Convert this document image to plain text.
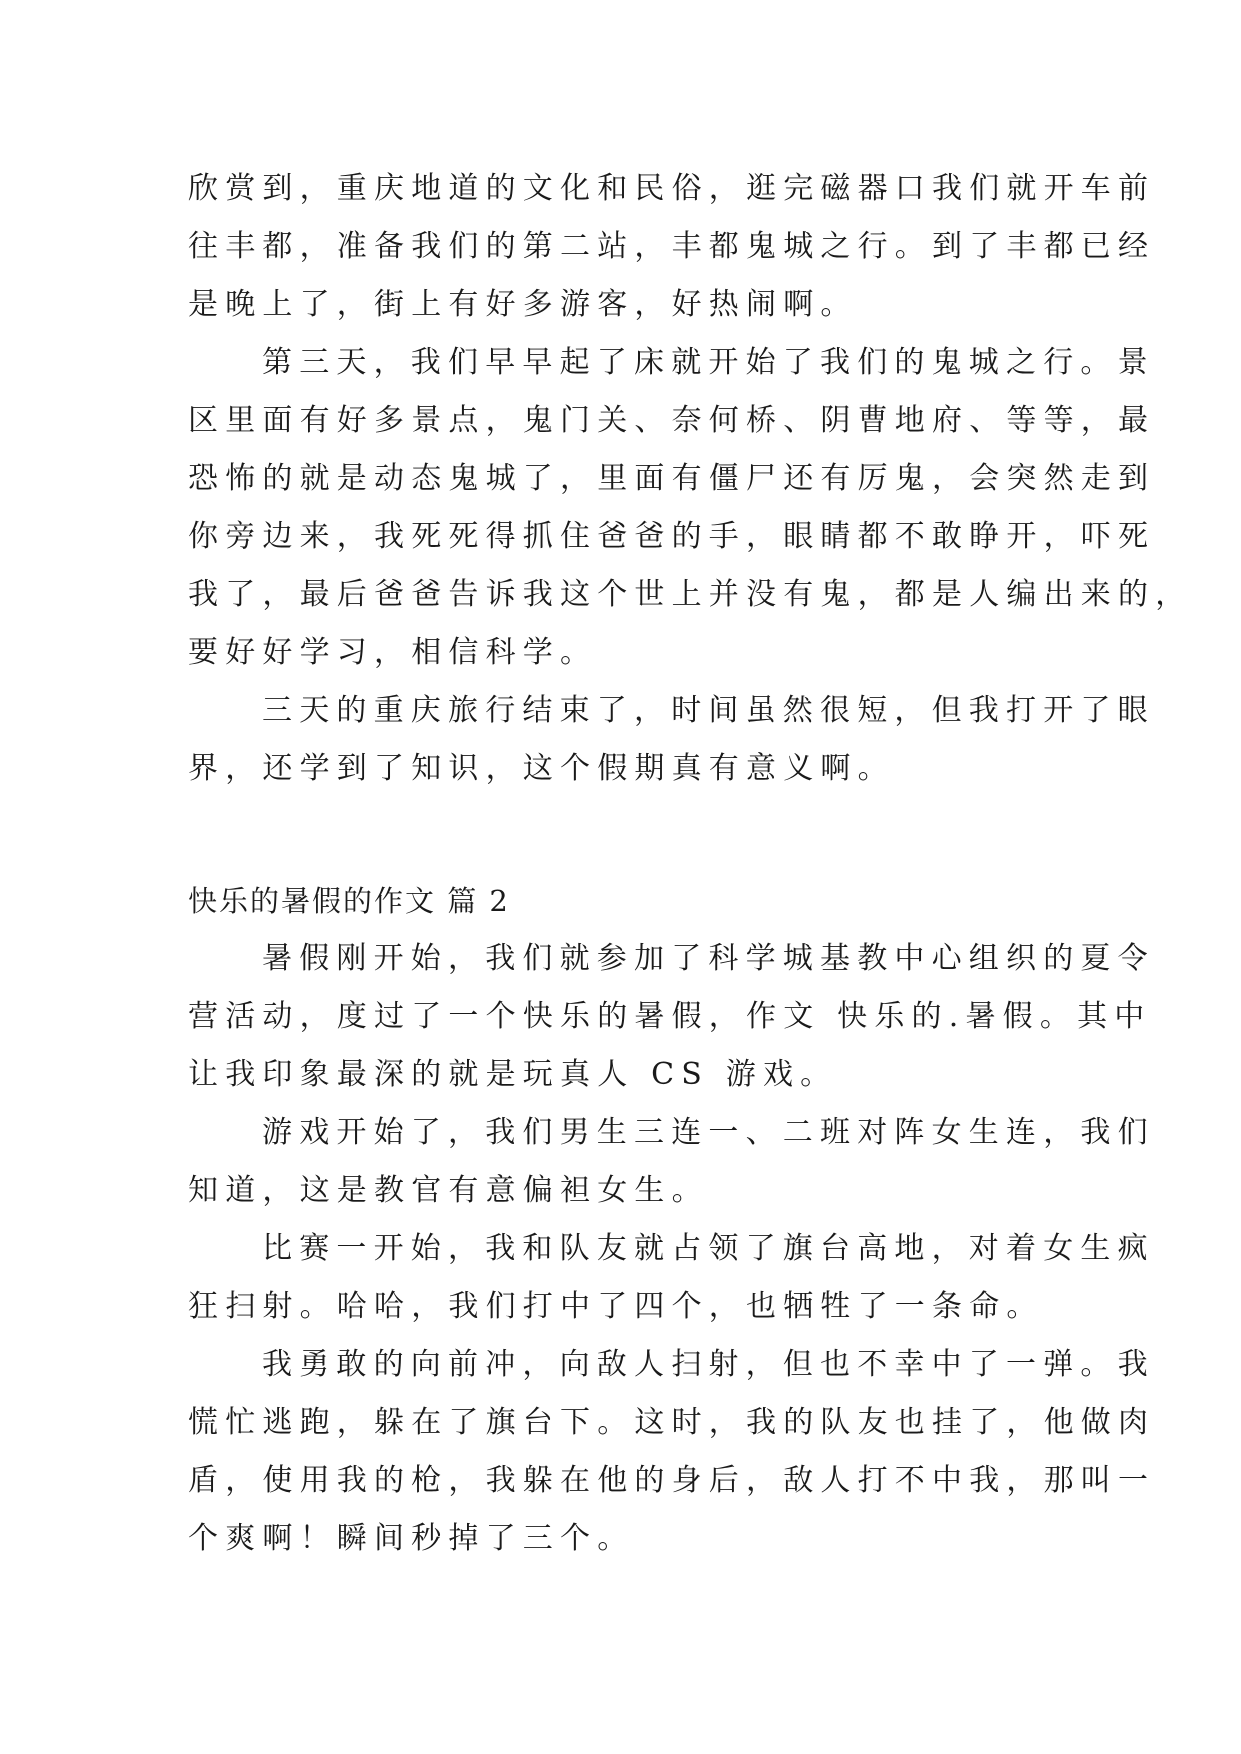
欣赏到，重庆地道的文化和民俗，逛完磁器口我们就开车前
往丰都，准备我们的第二站，丰都鬼城之行。到了丰都已经
是晚上了，街上有好多游客，好热闹啊。
第三天，我们早早起了床就开始了我们的鬼城之行。景
区里面有好多景点，鬼门关、奈何桥、阴曹地府、等等，最
恐怖的就是动态鬼城了，里面有僵尸还有厉鬼，会突然走到
你旁边来，我死死得抓住爸爸的手，眼睛都不敢睁开，吓死
我了，最后爸爸告诉我这个世上并没有鬼，都是人编出来的，
要好好学习，相信科学。
三天的重庆旅行结束了，时间虽然很短，但我打开了眼
界，还学到了知识，这个假期真有意义啊。
快乐的暑假的作文 篇 2
暑假刚开始，我们就参加了科学城基教中心组织的夏令
营活动，度过了一个快乐的暑假，作文 快乐的.暑假。其中
让我印象最深的就是玩真人 CS 游戏。
游戏开始了，我们男生三连一、二班对阵女生连，我们
知道，这是教官有意偏袒女生。
比赛一开始，我和队友就占领了旗台高地，对着女生疯
狂扫射。哈哈，我们打中了四个，也牺牲了一条命。
我勇敢的向前冲，向敌人扫射，但也不幸中了一弹。我
慌忙逃跑，躲在了旗台下。这时，我的队友也挂了，他做肉
盾，使用我的枪，我躲在他的身后，敌人打不中我，那叫一
个爽啊！瞬间秒掉了三个。
